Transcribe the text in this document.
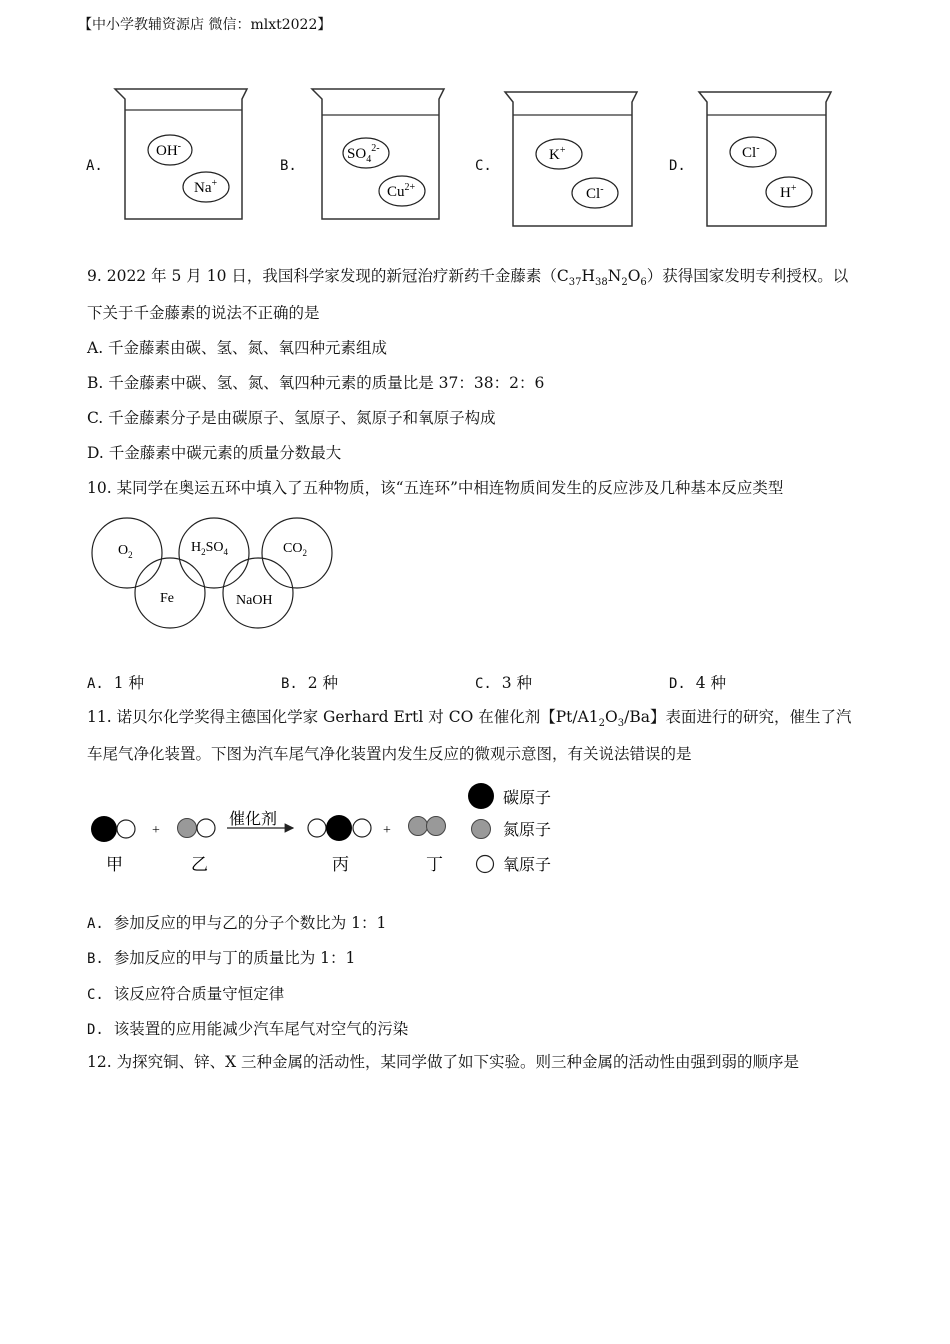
【中小学教辅资源店 微信：mlxt2022】
A.
OH-
Na+
B.
$SO_4^{2-}$
$Cu^{2+}$
C.
K+
Cl-
D.
Cl-
H+
9. 2022 年 5 月 10 日，我国科学家发现的新冠治疗新药千金藤素$(C_{37}H_{38}N_2O_6)$获得国家发明专利授权。以
下关于千金藤素的说法不正确的是
A. 千金藤素由碳、氢、氮、氧四种元素组成
B. 千金藤素中碳、氢、氮、氧四种元素的质量比是 37：38：2：6
C. 千金藤素分子是由碳原子、氢原子、氮原子和氧原子构成
D. 千金藤素中碳元素的质量分数最大
10. 某同学在奥运五环中填入了五种物质，该“五连环”中相连物质间发生的反应涉及几种基本反应类型
$O_2$	$H_2SO_4$	$CO_2$
Fe	NaOH
A. 1 种	B. 2 种	C. 3 种	D. 4 种
11. 诺贝尔化学奖得主德国化学家 Gerhard Ertl 对 CO 在催化剂【$Pt/A1_2O_3/Ba$】表面进行的研究，催生了汽
车尾气净化装置。下图为汽车尾气净化装置内发生反应的微观示意图，有关说法错误的是
+
催化剂
+
甲	乙	丙	丁
碳原子
氮原子
氧原子
A. 参加反应的甲与乙的分子个数比为 1：1
B. 参加反应的甲与丁的质量比为 1：1
C. 该反应符合质量守恒定律
D. 该装置的应用能减少汽车尾气对空气的污染
12. 为探究铜、锌、X 三种金属的活动性，某同学做了如下实验。则三种金属的活动性由强到弱的顺序是
